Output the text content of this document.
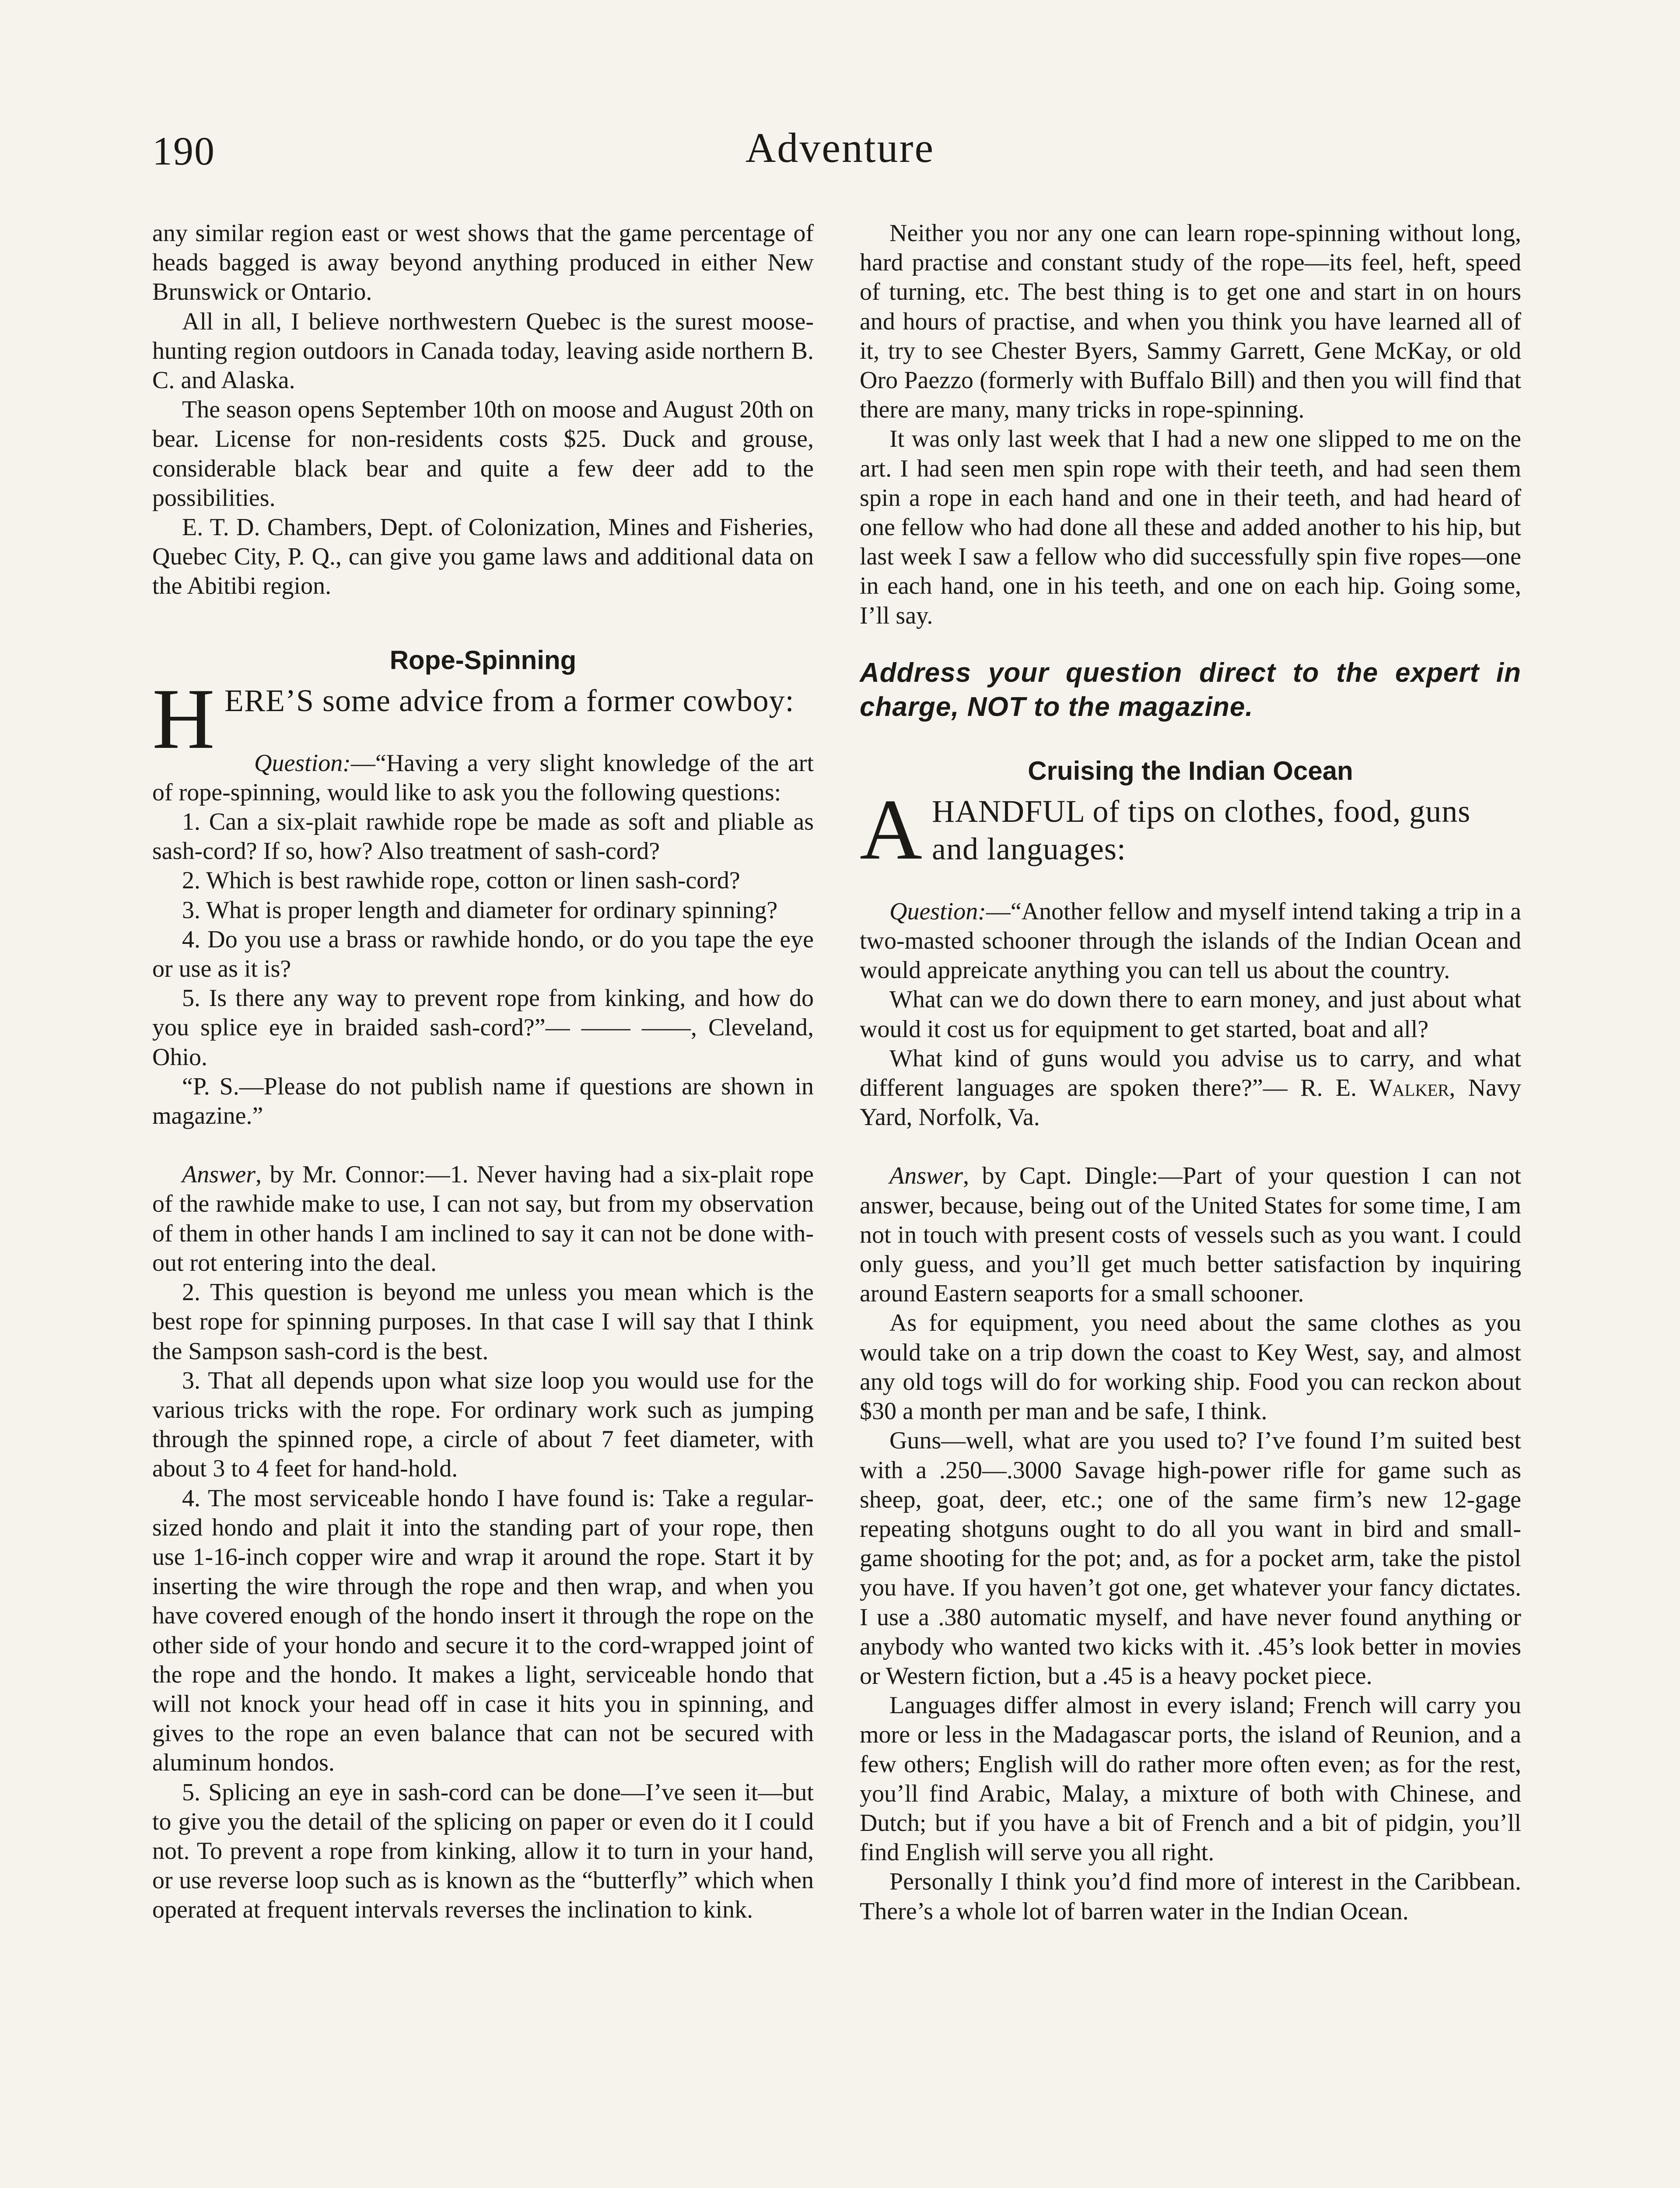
190	Adventure

any similar region east or west shows that the game percentage of heads bagged is away beyond anything produced in either New Brunswick or Ontario.

All in all, I believe northwestern Quebec is the surest moose-hunting region outdoors in Canada today, leaving aside northern B. C. and Alaska.

The season opens September 10th on moose and August 20th on bear. License for non-residents costs $25. Duck and grouse, considerable black bear and quite a few deer add to the possibilities.

E. T. D. Chambers, Dept. of Colonization, Mines and Fisheries, Quebec City, P. Q., can give you game laws and additional data on the Abitibi region.

Rope-Spinning
HERE’S some advice from a former cowboy:

Question:—“Having a very slight knowledge of the art of rope-spinning, would like to ask you the following questions:

1. Can a six-plait rawhide rope be made as soft and pliable as sash-cord? If so, how? Also treatment of sash-cord?

2. Which is best rawhide rope, cotton or linen sash-cord?

3. What is proper length and diameter for ordinary spinning?

4. Do you use a brass or rawhide hondo, or do you tape the eye or use as it is?

5. Is there any way to prevent rope from kinking, and how do you splice eye in braided sash-cord?”— —— ——, Cleveland, Ohio.

“P. S.—Please do not publish name if questions are shown in magazine.”

Answer, by Mr. Connor:—1. Never having had a six-plait rope of the rawhide make to use, I can not say, but from my observation of them in other hands I am inclined to say it can not be done without rot entering into the deal.

2. This question is beyond me unless you mean which is the best rope for spinning purposes. In that case I will say that I think the Sampson sash-cord is the best.

3. That all depends upon what size loop you would use for the various tricks with the rope. For ordinary work such as jumping through the spinned rope, a circle of about 7 feet diameter, with about 3 to 4 feet for hand-hold.

4. The most serviceable hondo I have found is: Take a regular-sized hondo and plait it into the standing part of your rope, then use 1-16-inch copper wire and wrap it around the rope. Start it by inserting the wire through the rope and then wrap, and when you have covered enough of the hondo insert it through the rope on the other side of your hondo and secure it to the cord-wrapped joint of the rope and the hondo. It makes a light, serviceable hondo that will not knock your head off in case it hits you in spinning, and gives to the rope an even balance that can not be secured with aluminum hondos.

5. Splicing an eye in sash-cord can be done—I’ve seen it—but to give you the detail of the splicing on paper or even do it I could not. To prevent a rope from kinking, allow it to turn in your hand, or use reverse loop such as is known as the “butterfly” which when operated at frequent intervals reverses the inclination to kink.

Neither you nor any one can learn rope-spinning without long, hard practise and constant study of the rope—its feel, heft, speed of turning, etc. The best thing is to get one and start in on hours and hours of practise, and when you think you have learned all of it, try to see Chester Byers, Sammy Garrett, Gene McKay, or old Oro Paezzo (formerly with Buffalo Bill) and then you will find that there are many, many tricks in rope-spinning.

It was only last week that I had a new one slipped to me on the art. I had seen men spin rope with their teeth, and had seen them spin a rope in each hand and one in their teeth, and had heard of one fellow who had done all these and added another to his hip, but last week I saw a fellow who did successfully spin five ropes—one in each hand, one in his teeth, and one on each hip. Going some, I’ll say.

Address your question direct to the expert in charge, NOT to the magazine.

Cruising the Indian Ocean
AHANDFUL of tips on clothes, food, guns and languages:

Question:—“Another fellow and myself intend taking a trip in a two-masted schooner through the islands of the Indian Ocean and would appreicate anything you can tell us about the country.

What can we do down there to earn money, and just about what would it cost us for equipment to get started, boat and all?

What kind of guns would you advise us to carry, and what different languages are spoken there?”— R. E. Walker, Navy Yard, Norfolk, Va.

Answer, by Capt. Dingle:—Part of your question I can not answer, because, being out of the United States for some time, I am not in touch with present costs of vessels such as you want. I could only guess, and you’ll get much better satisfaction by inquiring around Eastern seaports for a small schooner.

As for equipment, you need about the same clothes as you would take on a trip down the coast to Key West, say, and almost any old togs will do for working ship. Food you can reckon about $30 a month per man and be safe, I think.

Guns—well, what are you used to? I’ve found I’m suited best with a .250—.3000 Savage high-power rifle for game such as sheep, goat, deer, etc.; one of the same firm’s new 12-gage repeating shotguns ought to do all you want in bird and small-game shooting for the pot; and, as for a pocket arm, take the pistol you have. If you haven’t got one, get whatever your fancy dictates. I use a .380 automatic myself, and have never found anything or anybody who wanted two kicks with it. .45’s look better in movies or Western fiction, but a .45 is a heavy pocket piece.

Languages differ almost in every island; French will carry you more or less in the Madagascar ports, the island of Reunion, and a few others; English will do rather more often even; as for the rest, you’ll find Arabic, Malay, a mixture of both with Chinese, and Dutch; but if you have a bit of French and a bit of pidgin, you’ll find English will serve you all right.

Personally I think you’d find more of interest in the Caribbean. There’s a whole lot of barren water in the Indian Ocean.
